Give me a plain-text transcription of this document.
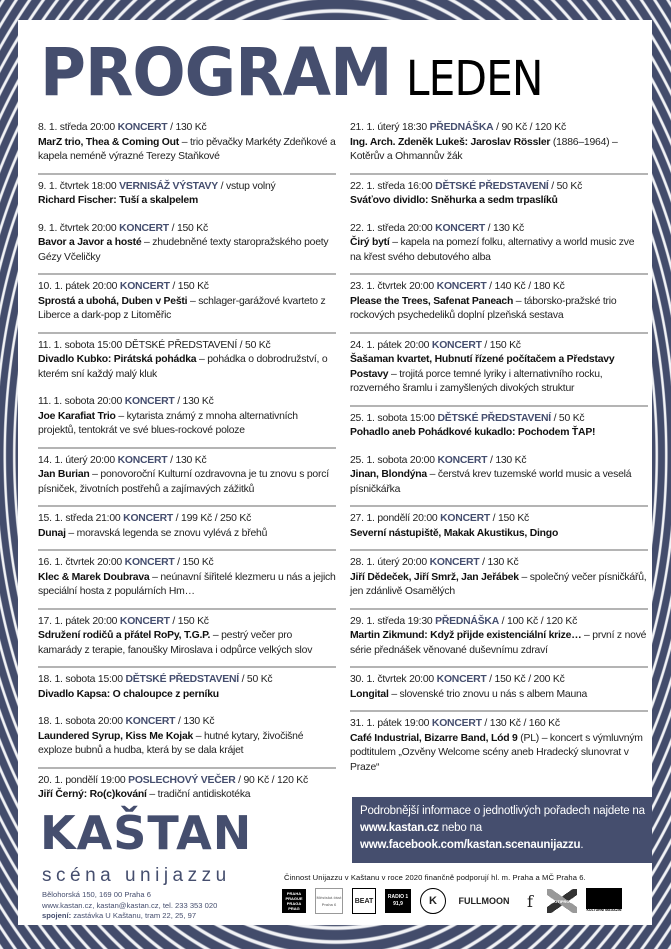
PROGRAM LEDEN
8. 1. středa 20:00 KONCERT / 130 Kč
MarZ trio, Thea & Coming Out – trio pěvačky Markéty Zdeňkové a kapela neméně výrazné Terezy Staňkové
9. 1. čtvrtek 18:00 VERNISÁŽ VÝSTAVY / vstup volný
Richard Fischer: Tuší a skalpelem
9. 1. čtvrtek 20:00 KONCERT / 150 Kč
Bavor a Javor a hosté – zhudebněné texty staropražského poety Gézy Včeličky
10. 1. pátek 20:00 KONCERT / 150 Kč
Sprostá a ubohá, Duben v Pešti – schlager-garážové kvarteto z Liberce a dark-pop z Litoměřic
11. 1. sobota 15:00 DĚTSKÉ PŘEDSTAVENÍ / 50 Kč
Divadlo Kubko: Pirátská pohádka – pohádka o dobrodružství, o kterém sní každý malý kluk
11. 1. sobota 20:00 KONCERT / 130 Kč
Joe Karafiat Trio – kytarista známý z mnoha alternativních projektů, tentokrát ve své blues-rockové poloze
14. 1. úterý 20:00 KONCERT / 130 Kč
Jan Burian – ponovoroční Kulturní ozdravovna je tu znovu s porcí písniček, životních postřehů a zajímavých zážitků
15. 1. středa 21:00 KONCERT / 199 Kč / 250 Kč
Dunaj – moravská legenda se znovu vylévá z břehů
16. 1. čtvrtek 20:00 KONCERT / 150 Kč
Klec & Marek Doubrava – neúnavní šiřitelé klezmeru u nás a jejich speciální hosta z populárních Hm…
17. 1. pátek 20:00 KONCERT / 150 Kč
Sdružení rodičů a přátel RoPy, T.G.P. – pestrý večer pro kamarády z terapie, fanoušky Miroslava i odpůrce velkých slov
18. 1. sobota 15:00 DĚTSKÉ PŘEDSTAVENÍ / 50 Kč
Divadlo Kapsa: O chaloupce z perníku
18. 1. sobota 20:00 KONCERT / 130 Kč
Laundered Syrup, Kiss Me Kojak – hutné kytary, živočišné exploze bubnů a hudba, která by se dala krájet
20. 1. pondělí 19:00 POSLECHOVÝ VEČER / 90 Kč / 120 Kč
Jiří Černý: Ro(c)kování – tradiční antidiskotéka
21. 1. úterý 18:30 PŘEDNÁŠKA / 90 Kč / 120 Kč
Ing. Arch. Zdeněk Lukeš: Jaroslav Rössler (1886–1964) – Kotěrův a Ohmannův žák
22. 1. středa 16:00 DĚTSKÉ PŘEDSTAVENÍ / 50 Kč
Sváťovo dividlo: Sněhurka a sedm trpaslíků
22. 1. středa 20:00 KONCERT / 130 Kč
Čirý bytí – kapela na pomezí folku, alternativy a world music zve na křest svého debutového alba
23. 1. čtvrtek 20:00 KONCERT / 140 Kč / 180 Kč
Please the Trees, Safenat Paneach – táborsko-pražské trio rockových psychedeliků doplní plzeňská sestava
24. 1. pátek 20:00 KONCERT / 150 Kč
Šašaman kvartet, Hubnutí řízené počítačem a Představy Postavy – trojitá porce temné lyriky i alternativního rocku, rozverného šramlu i zamyšlených divokých struktur
25. 1. sobota 15:00 DĚTSKÉ PŘEDSTAVENÍ / 50 Kč
Pohadlo aneb Pohádkové kukadlo: Pochodem ŤAP!
25. 1. sobota 20:00 KONCERT / 130 Kč
Jinan, Blondýna – čerstvá krev tuzemské world music a veselá písničkářka
27. 1. pondělí 20:00 KONCERT / 150 Kč
Severní nástupiště, Makak Akustikus, Dingo
28. 1. úterý 20:00 KONCERT / 130 Kč
Jiří Dědeček, Jiří Smrž, Jan Jeřábek – společný večer písničkářů, jen zdánlivě Osamělých
29. 1. středa 19:30 PŘEDNÁŠKA / 100 Kč / 120 Kč
Martin Zikmund: Když přijde existenciální krize… – první z nové série přednášek věnované duševnímu zdraví
30. 1. čtvrtek 20:00 KONCERT / 150 Kč / 200 Kč
Longital – slovenské trio znovu u nás s albem Mauna
31. 1. pátek 19:00 KONCERT / 130 Kč / 160 Kč
Café Industrial, Bizarre Band, Lód 9 (PL) – koncert s výmluvným podtitulem „Ozvěny Welcome scény aneb Hradecký slunovrat v Praze“
Podrobnější informace o jednotlivých pořadech najdete na www.kastan.cz nebo na www.facebook.com/kastan.scenaunijazzu.
KAŠTAN
scéna unijazzu
Bělohorská 150, 169 00 Praha 6
www.kastan.cz, kastan@kastan.cz, tel. 233 353 020
spojení: zastávka U Kaštanu, tram 22, 25, 97
Činnost Unijazzu v Kaštanu v roce 2020 finančně podporují hl. m. Praha a MČ Praha 6.
PRAHA PRAGUE PRAGA PRAG
Městská část Praha 6	BEAT
RADIO 1 91,9	K	FULLMOON	f	PROTIPROUD
KULTURNÍ MAGAZÍN
